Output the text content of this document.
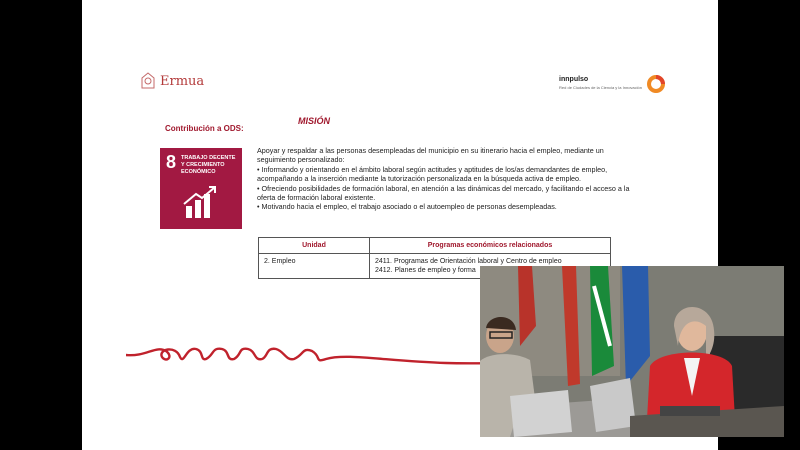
Ermua	innpulso
Red de Ciudades de la Ciencia y la Innovación
Contribución a ODS:
8 TRABAJO DECENTE Y CRECIMIENTO ECONÓMICO
MISIÓN

Apoyar y respaldar a las personas desempleadas del municipio en su itinerario hacia el empleo, mediante un seguimiento personalizado:

• Informando y orientando en el ámbito laboral según actitudes y aptitudes de los/as demandantes de empleo, acompañando a la inserción mediante la tutorización personalizada en la búsqueda activa de empleo.

• Ofreciendo posibilidades de formación laboral, en atención a las dinámicas del mercado, y facilitando el acceso a la oferta de formación laboral existente.

• Motivando hacia el empleo, el trabajo asociado o el autoempleo de personas desempleadas.

Unidad	Programas económicos relacionados
2. Empleo	2411. Programas de Orientación laboral y Centro de empleo
2412. Planes de empleo y forma
